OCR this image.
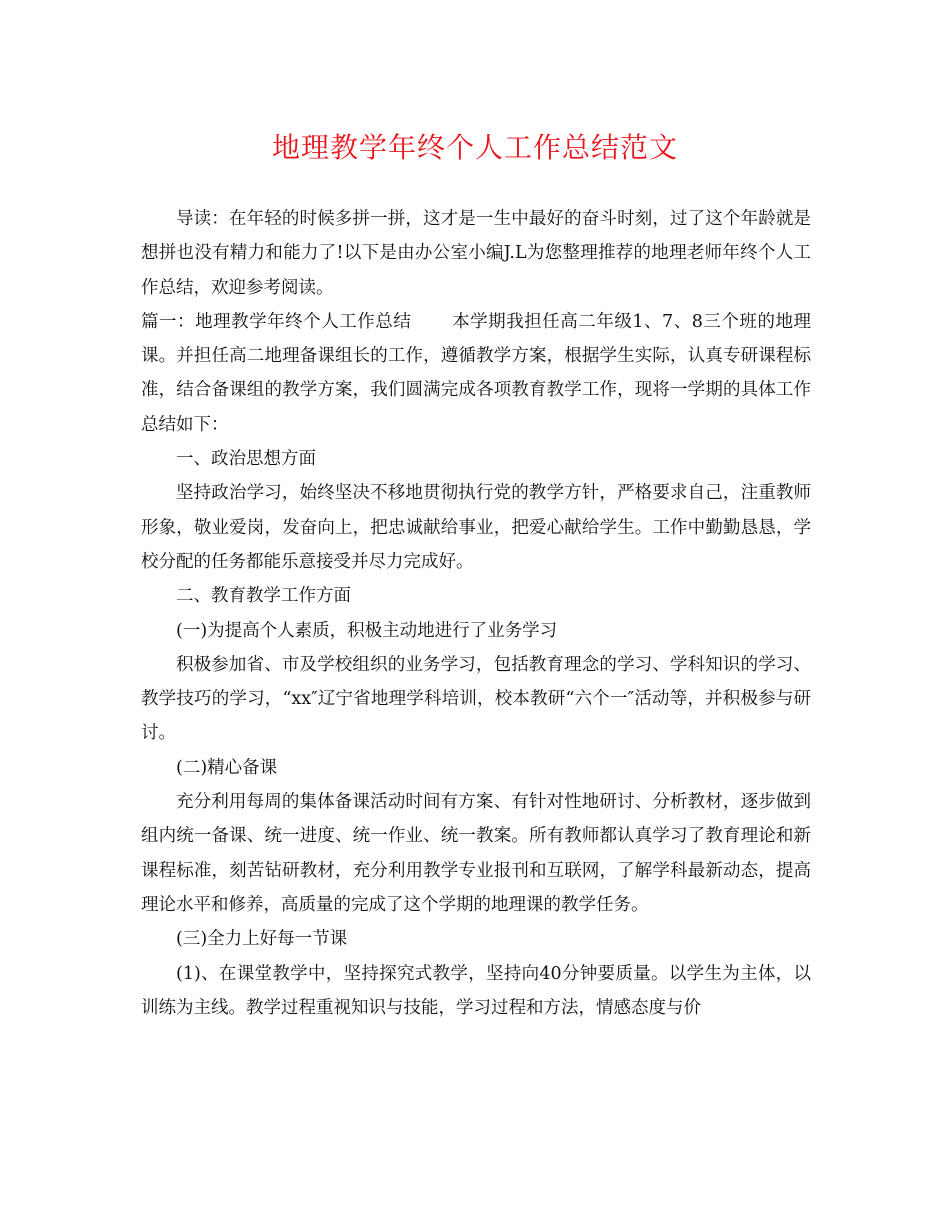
地理教学年终个人工作总结范文

导读：在年轻的时候多拼一拼，这才是一生中最好的奋斗时刻，过了这个年龄就是想拼也没有精力和能力了!以下是由办公室小编J.L为您整理推荐的地理老师年终个人工作总结，欢迎参考阅读。

篇一：地理教学年终个人工作总结 本学期我担任高二年级1、7、8三个班的地理课。并担任高二地理备课组长的工作，遵循教学方案，根据学生实际，认真专研课程标准，结合备课组的教学方案，我们圆满完成各项教育教学工作，现将一学期的具体工作总结如下：

一、政治思想方面

坚持政治学习，始终坚决不移地贯彻执行党的教学方针，严格要求自己，注重教师形象，敬业爱岗，发奋向上，把忠诚献给事业，把爱心献给学生。工作中勤勤恳恳，学校分配的任务都能乐意接受并尽力完成好。

二、教育教学工作方面

(一)为提高个人素质，积极主动地进行了业务学习

积极参加省、市及学校组织的业务学习，包括教育理念的学习、学科知识的学习、教学技巧的学习，“xx″辽宁省地理学科培训，校本教研“六个一″活动等，并积极参与研讨。

(二)精心备课

充分利用每周的集体备课活动时间有方案、有针对性地研讨、分析教材，逐步做到组内统一备课、统一进度、统一作业、统一教案。所有教师都认真学习了教育理论和新课程标准，刻苦钻研教材，充分利用教学专业报刊和互联网，了解学科最新动态，提高理论水平和修养，高质量的完成了这个学期的地理课的教学任务。

(三)全力上好每一节课

(1)、在课堂教学中，坚持探究式教学，坚持向40分钟要质量。以学生为主体，以训练为主线。教学过程重视知识与技能，学习过程和方法，情感态度与价
